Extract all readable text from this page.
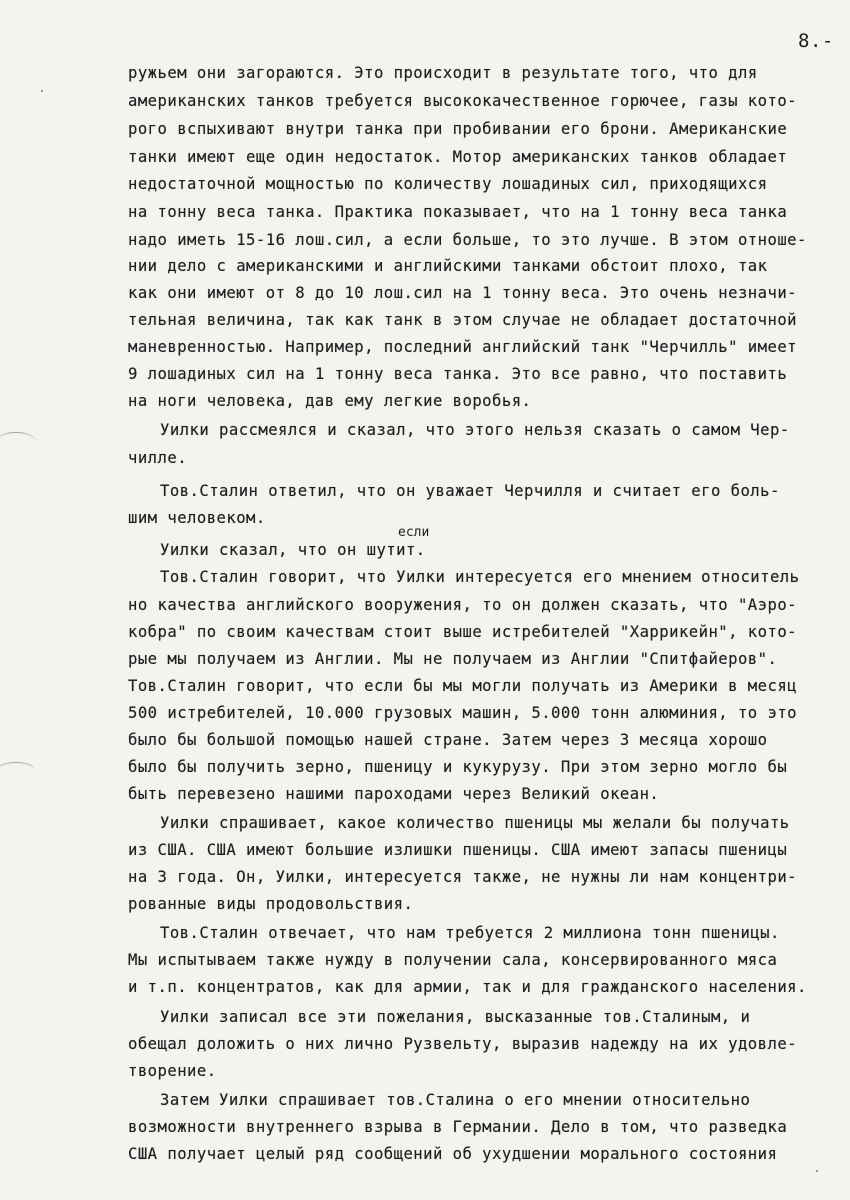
8.-
ружьем они загораются. Это происходит в результате того, что для
американских танков требуется высококачественное горючее, газы кото-
рого вспыхивают внутри танка при пробивании его брони. Американские
танки имеют еще один недостаток. Мотор американских танков обладает
недостаточной мощностью по количеству лошадиных сил, приходящихся
на тонну веса танка. Практика показывает, что на 1 тонну веса танка
надо иметь 15-16 лош.сил, а если больше, то это лучше. В этом отноше-
нии дело с американскими и английскими танками обстоит плохо, так
как они имеют от 8 до 10 лош.сил на 1 тонну веса. Это очень незначи-
тельная величина, так как танк в этом случае не обладает достаточной
маневренностью. Например, последний английский танк "Черчилль" имеет
9 лошадиных сил на 1 тонну веса танка. Это все равно, что поставить
на ноги человека, дав ему легкие воробья.
Уилки рассмеялся и сказал, что этого нельзя сказать о самом Чер-
чилле.
Тов.Сталин ответил, что он уважает Черчилля и считает его боль-
шим человеком.
Уилки сказал, что он шутит.
если
Тов.Сталин говорит, что Уилки интересуется его мнением относитель
но качества английского вооружения, то он должен сказать, что "Аэро-
кобра" по своим качествам стоит выше истребителей "Харрикейн", кото-
рые мы получаем из Англии. Мы не получаем из Англии "Спитфайеров".
Тов.Сталин говорит, что если бы мы могли получать из Америки в месяц
500 истребителей, 10.000 грузовых машин, 5.000 тонн алюминия, то это
было бы большой помощью нашей стране. Затем через 3 месяца хорошо
было бы получить зерно, пшеницу и кукурузу. При этом зерно могло бы
быть перевезено нашими пароходами через Великий океан.
Уилки спрашивает, какое количество пшеницы мы желали бы получать
из США. США имеют большие излишки пшеницы. США имеют запасы пшеницы
на 3 года. Он, Уилки, интересуется также, не нужны ли нам концентри-
рованные виды продовольствия.
Тов.Сталин отвечает, что нам требуется 2 миллиона тонн пшеницы.
Мы испытываем также нужду в получении сала, консервированного мяса
и т.п. концентратов, как для армии, так и для гражданского населения.
Уилки записал все эти пожелания, высказанные тов.Сталиным, и
обещал доложить о них лично Рузвельту, выразив надежду на их удовле-
творение.
Затем Уилки спрашивает тов.Сталина о его мнении относительно
возможности внутреннего взрыва в Германии. Дело в том, что разведка
США получает целый ряд сообщений об ухудшении морального состояния
